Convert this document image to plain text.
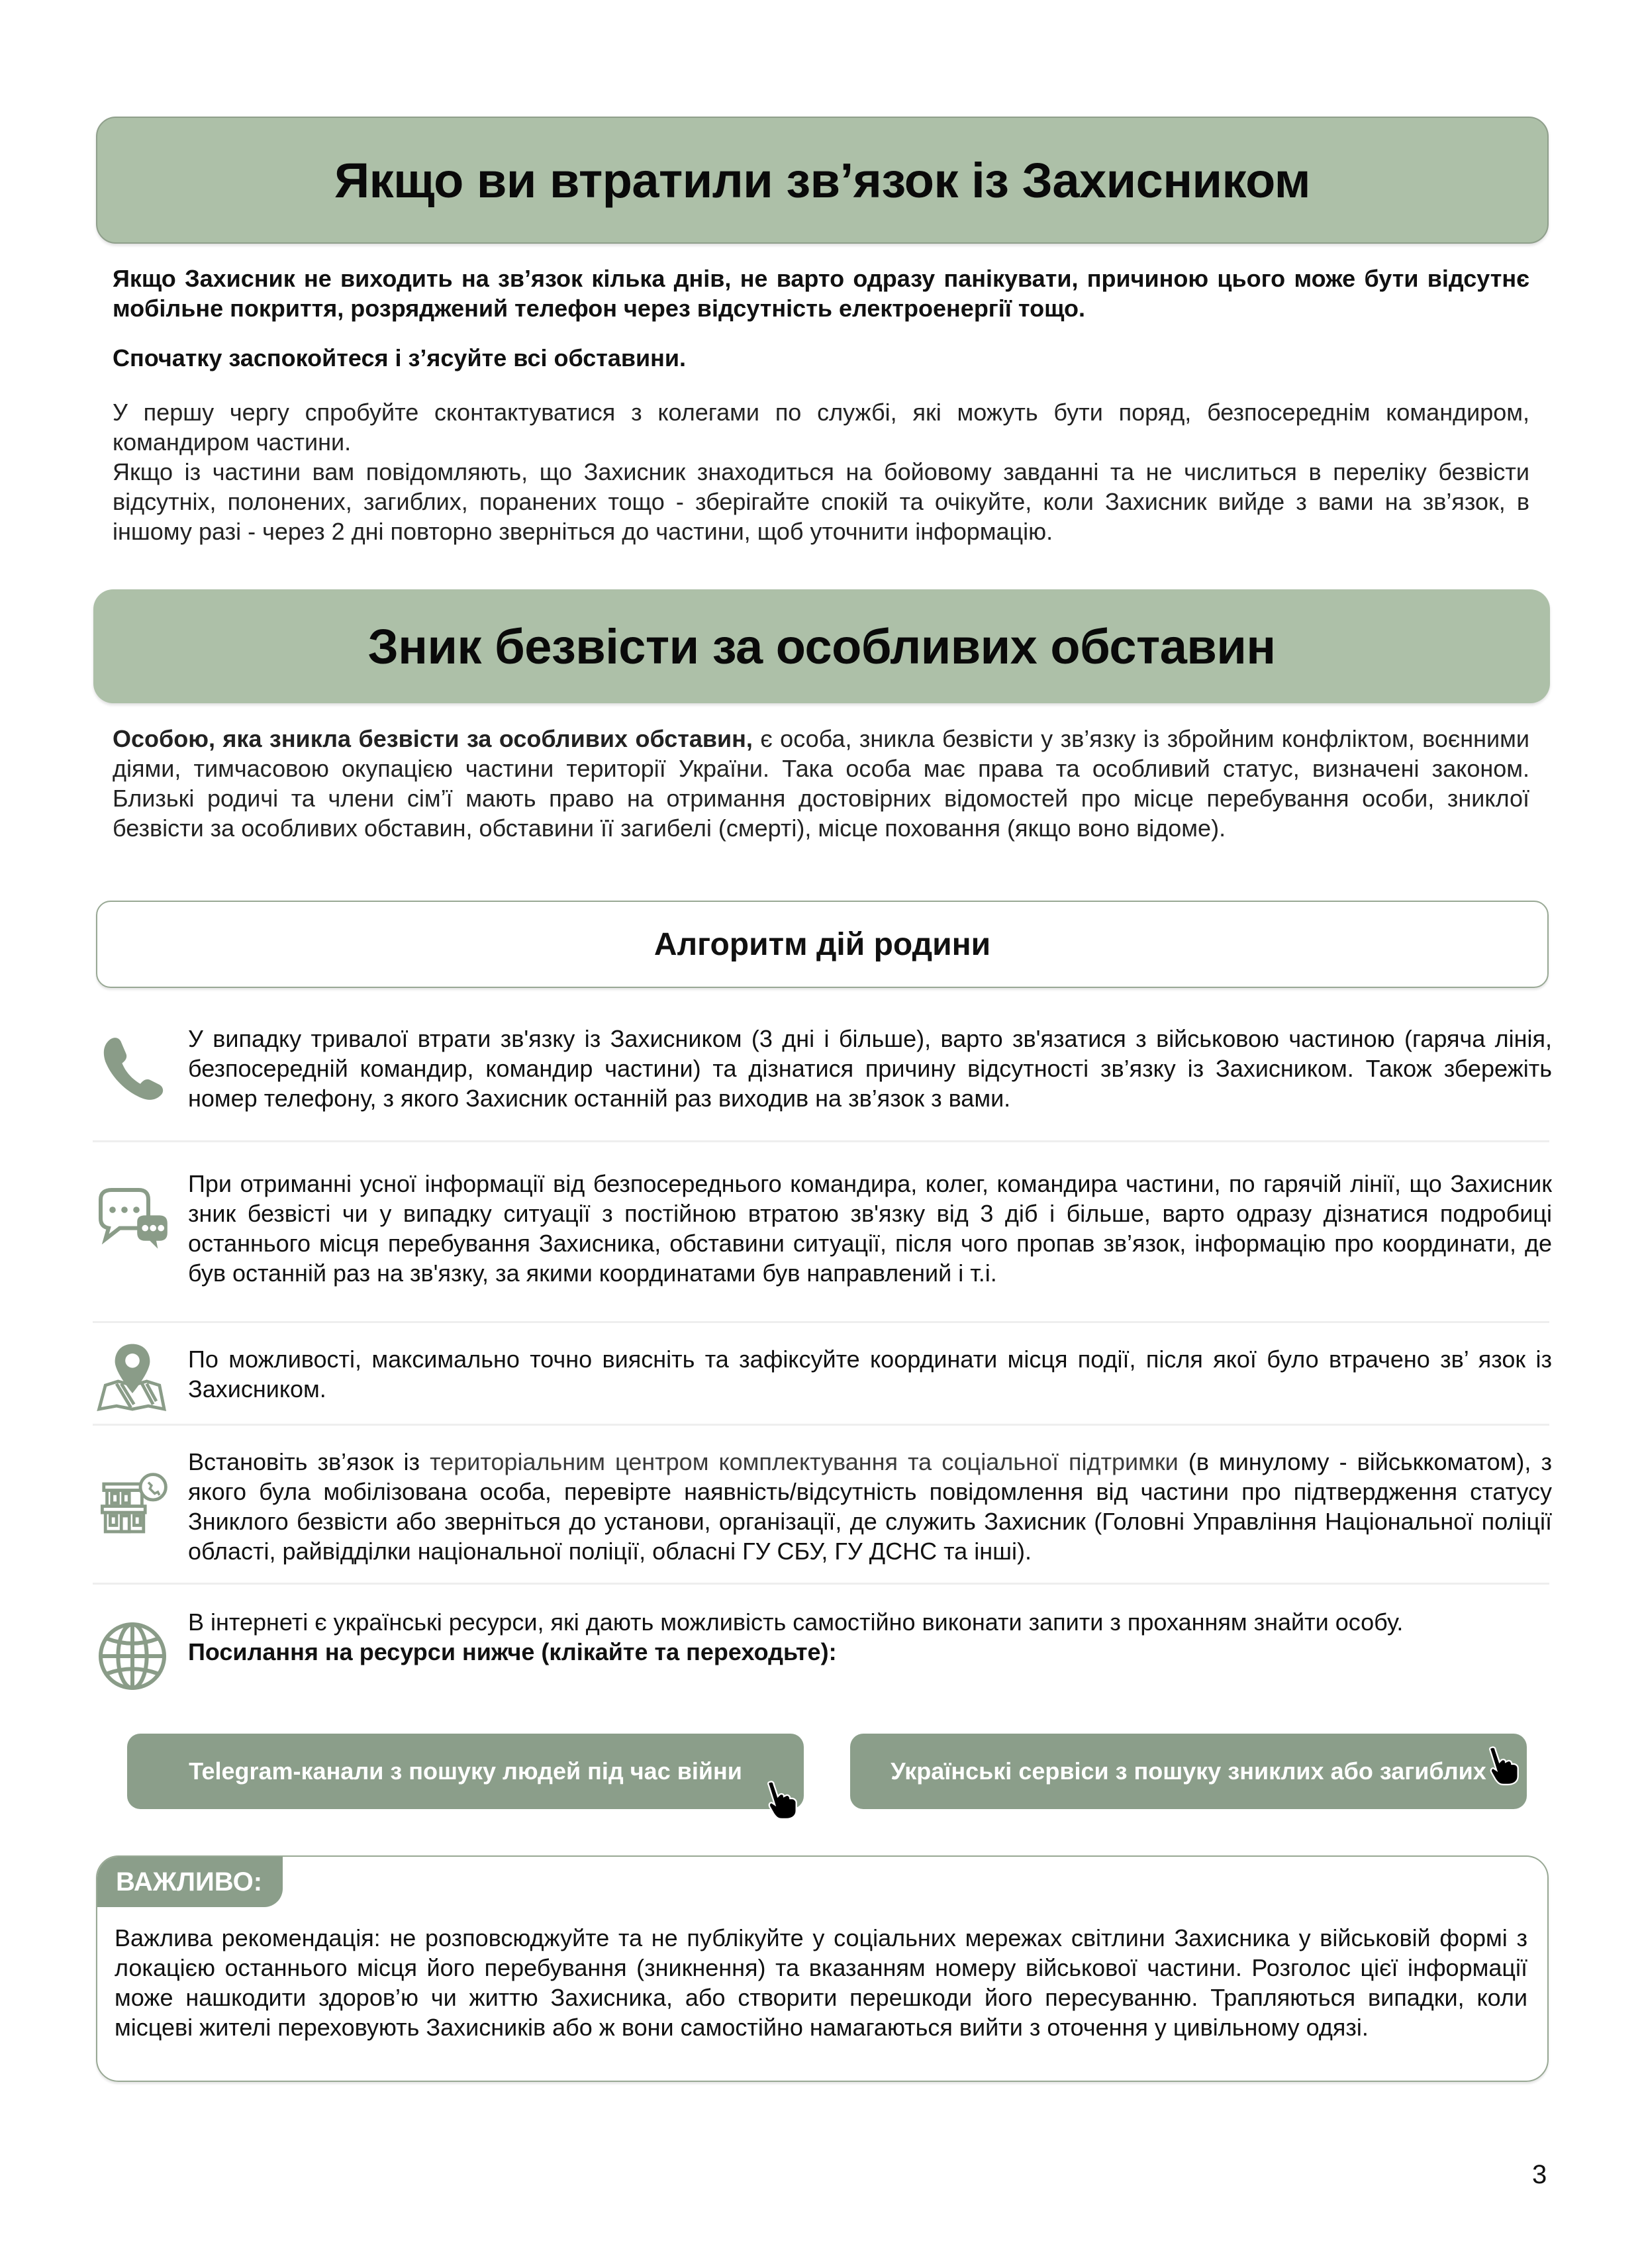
Якщо ви втратили зв’язок із Захисником
Якщо Захисник не виходить на зв’язок кілька днів, не варто одразу панікувати, причиною цього може бути відсутнє мобільне покриття, розряджений телефон через відсутність електроенергії тощо.
Спочатку заспокойтеся і з’ясуйте всі обставини.
У першу чергу спробуйте сконтактуватися з колегами по службі, які можуть бути поряд, безпосереднім командиром, командиром частини.
Якщо із частини вам повідомляють, що Захисник знаходиться на бойовому завданні та не числиться в переліку безвісти відсутніх, полонених, загиблих, поранених тощо - зберігайте спокій та очікуйте, коли Захисник вийде з вами на зв’язок, в іншому разі - через 2 дні повторно зверніться до частини, щоб уточнити інформацію.
Зник безвісти за особливих обставин
Особою, яка зникла безвісти за особливих обставин, є особа, зникла безвісти у зв’язку із збройним конфліктом, воєнними діями, тимчасовою окупацією частини території України. Така особа має права та особливий статус, визначені законом. Близькі родичі та члени сім’ї мають право на отримання достовірних відомостей про місце перебування особи, зниклої безвісти за особливих обставин, обставини її загибелі (смерті), місце поховання (якщо воно відоме).
Алгоритм дій родини
У випадку тривалої втрати зв'язку із Захисником (3 дні і більше), варто зв'язатися з військовою частиною (гаряча лінія, безпосередній командир, командир частини) та дізнатися причину відсутності зв’язку із Захисником. Також збережіть номер телефону, з якого Захисник останній раз виходив на зв’язок з вами.
При отриманні усної інформації від безпосереднього командира, колег, командира частини, по гарячій лінії, що Захисник зник безвісті чи у випадку ситуації з постійною втратою зв'язку від 3 діб і більше, варто одразу дізнатися подробиці останнього місця перебування Захисника, обставини ситуації, після чого пропав зв’язок, інформацію про координати, де був останній раз на зв'язку, за якими координатами був направлений і т.і.
По можливості, максимально точно виясніть та зафіксуйте координати місця події, після якої було втрачено зв’ язок із Захисником.
Встановіть зв’язок із територіальним центром комплектування та соціальної підтримки (в минулому - військкоматом), з якого була мобілізована особа, перевірте наявність/відсутність повідомлення від частини про підтвердження статусу Зниклого безвісти або зверніться до установи, організації, де служить Захисник (Головні Управління Національної поліції області, райвідділки національної поліції, обласні ГУ СБУ, ГУ ДСНС та інші).
В інтернеті є українські ресурси, які дають можливість самостійно виконати запити з проханням знайти особу.
Посилання на ресурси нижче (клікайте та переходьте):
Telegram-канали з пошуку людей під час війни	Українські сервіси з пошуку зниклих або загиблих
ВАЖЛИВО:
Важлива рекомендація: не розповсюджуйте та не публікуйте у соціальних мережах світлини Захисника у військовій формі з локацією останнього місця його перебування (зникнення) та вказанням номеру військової частини. Розголос цієї інформації може нашкодити здоров’ю чи життю Захисника, або створити перешкоди його пересуванню. Трапляються випадки, коли місцеві жителі переховують Захисників або ж вони самостійно намагаються вийти з оточення у цивільному одязі.
3
